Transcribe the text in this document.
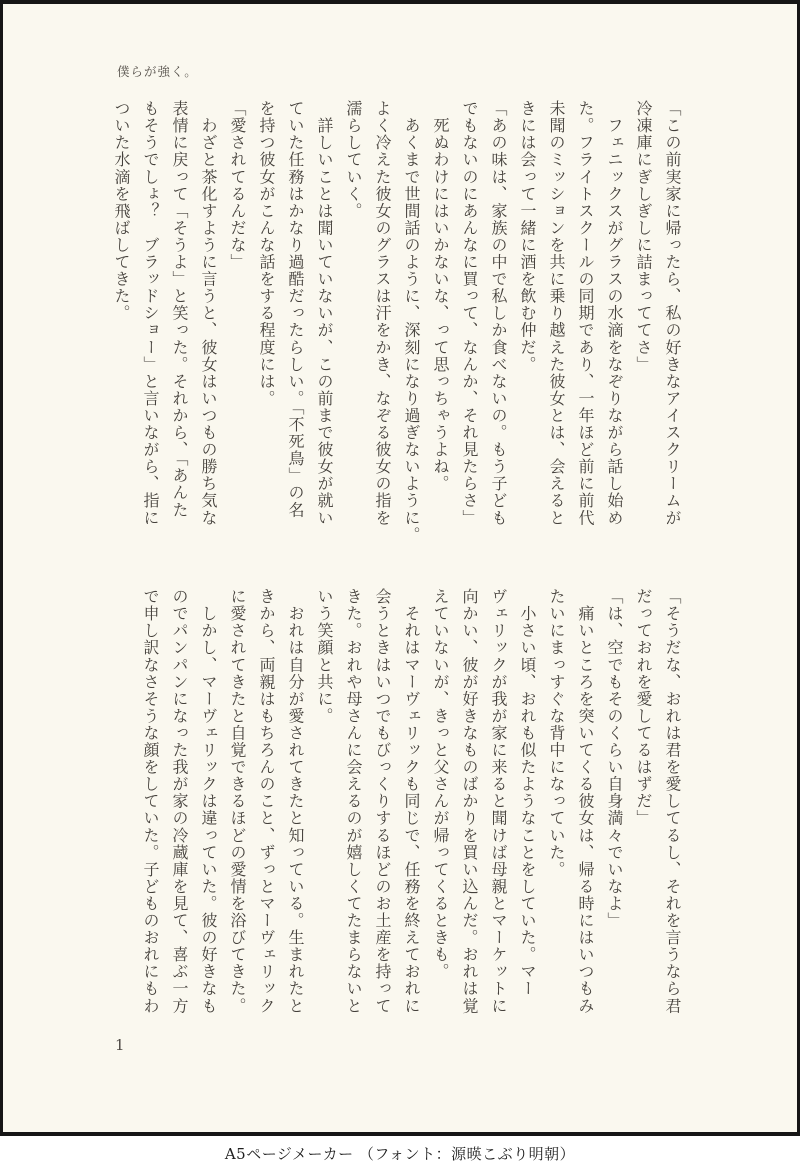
僕らが強く。
「この前実家に帰ったら、私の好きなアイスクリームが
冷凍庫にぎしぎしに詰まっててさ」
　フェニックスがグラスの水滴をなぞりながら話し始め
た。フライトスクールの同期であり、一年ほど前に前代
未聞のミッションを共に乗り越えた彼女とは、会えると
きには会って一緒に酒を飲む仲だ。
「あの味は、家族の中で私しか食べないの。もう子ども
でもないのにあんなに買って、なんか、それ見たらさ」
　死ぬわけにはいかないな、って思っちゃうよね。
　あくまで世間話のように、深刻になり過ぎないように。
よく冷えた彼女のグラスは汗をかき、なぞる彼女の指を
濡らしていく。
　詳しいことは聞いていないが、この前まで彼女が就い
ていた任務はかなり過酷だったらしい。「不死鳥」の名
を持つ彼女がこんな話をする程度には。
「愛されてるんだな」
　わざと茶化すように言うと、彼女はいつもの勝ち気な
表情に戻って「そうよ」と笑った。それから、「あんた
もそうでしょ？　ブラッドショー」と言いながら、指に
ついた水滴を飛ばしてきた。
「そうだな、おれは君を愛してるし、それを言うなら君
だっておれを愛してるはずだ」
「は、空でもそのくらい自身満々でいなよ」
　痛いところを突いてくる彼女は、帰る時にはいつもみ
たいにまっすぐな背中になっていた。
　小さい頃、おれも似たようなことをしていた。マー
ヴェリックが我が家に来ると聞けば母親とマーケットに
向かい、彼が好きなものばかりを買い込んだ。おれは覚
えていないが、きっと父さんが帰ってくるときも。
　それはマーヴェリックも同じで、任務を終えておれに
会うときはいつでもびっくりするほどのお土産を持って
きた。おれや母さんに会えるのが嬉しくてたまらないと
いう笑顔と共に。
　おれは自分が愛されてきたと知っている。生まれたと
きから、両親はもちろんのこと、ずっとマーヴェリック
に愛されてきたと自覚できるほどの愛情を浴びてきた。
　しかし、マーヴェリックは違っていた。彼の好きなも
のでパンパンになった我が家の冷蔵庫を見て、喜ぶ一方
で申し訳なさそうな顔をしていた。子どものおれにもわ
1
A5ページメーカー （フォント：源暎こぶり明朝）
